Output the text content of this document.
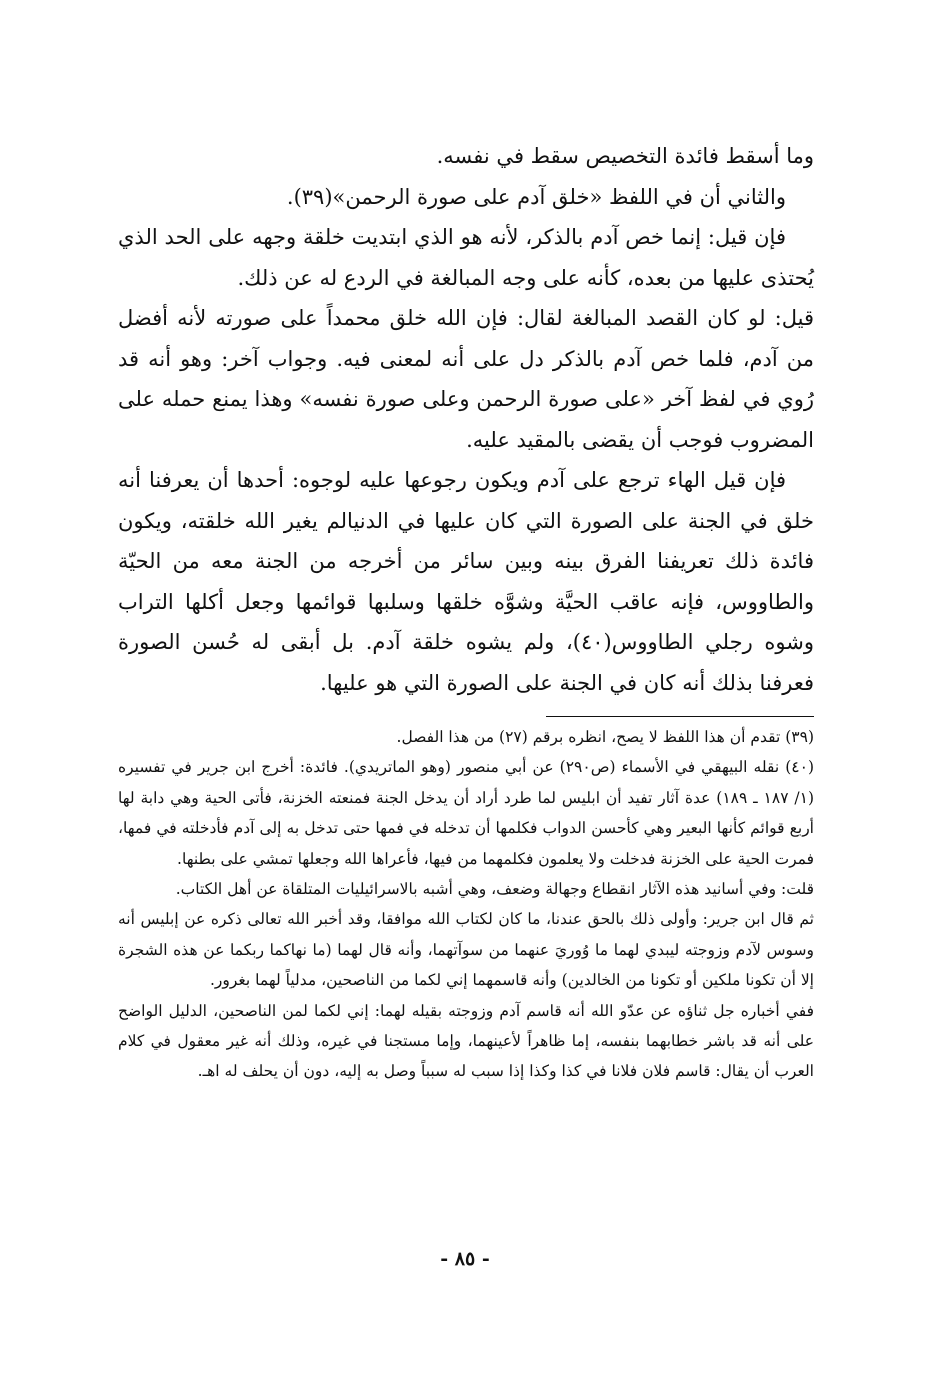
وما أسقط فائدة التخصيص سقط في نفسه.

والثاني أن في اللفظ «خلق آدم على صورة الرحمن»(٣٩).

فإن قيل: إنما خص آدم بالذكر، لأنه هو الذي ابتديت خلقة وجهه على الحد الذي يُحتذى عليها من بعده، كأنه على وجه المبالغة في الردع له عن ذلك.

قيل: لو كان القصد المبالغة لقال: فإن الله خلق محمداً على صورته لأنه أفضل من آدم، فلما خص آدم بالذكر دل على أنه لمعنى فيه. وجواب آخر: وهو أنه قد رُوي في لفظ آخر «على صورة الرحمن وعلى صورة نفسه» وهذا يمنع حمله على المضروب فوجب أن يقضى بالمقيد عليه.

فإن قيل الهاء ترجع على آدم ويكون رجوعها عليه لوجوه: أحدها أن يعرفنا أنه خلق في الجنة على الصورة التي كان عليها في الدنيالم يغير الله خلقته، ويكون فائدة ذلك تعريفنا الفرق بينه وبين سائر من أخرجه من الجنة معه من الحيّة والطاووس، فإنه عاقب الحيَّة وشوَّه خلقها وسلبها قوائمها وجعل أكلها التراب وشوه رجلي الطاووس(٤٠)، ولم يشوه خلقة آدم. بل أبقى له حُسن الصورة فعرفنا بذلك أنه كان في الجنة على الصورة التي هو عليها.

(٣٩) تقدم أن هذا اللفظ لا يصح، انظره برقم (٢٧) من هذا الفصل.

(٤٠) نقله البيهقي في الأسماء (ص٢٩٠) عن أبي منصور (وهو الماتريدي). فائدة: أخرج ابن جرير في تفسيره (١/ ١٨٧ ـ ١٨٩) عدة آثار تفيد أن ابليس لما طرد أراد أن يدخل الجنة فمنعته الخزنة، فأتى الحية وهي دابة لها أربع قوائم كأنها البعير وهي كأحسن الدواب فكلمها أن تدخله في فمها حتى تدخل به إلى آدم فأدخلته في فمها، فمرت الحية على الخزنة فدخلت ولا يعلمون فكلمهما من فيها، فأعراها الله وجعلها تمشي على بطنها.

قلت: وفي أسانيد هذه الآثار انقطاع وجهالة وضعف، وهي أشبه بالاسرائيليات المتلقاة عن أهل الكتاب.

ثم قال ابن جرير: وأولى ذلك بالحق عندنا، ما كان لكتاب الله موافقا، وقد أخبر الله تعالى ذكره عن إبليس أنه وسوس لآدم وزوجته ليبدي لهما ما وُوريَ عنهما من سوآتهما، وأنه قال لهما (ما نهاكما ربكما عن هذه الشجرة إلا أن تكونا ملكين أو تكونا من الخالدين) وأنه قاسمهما إني لكما من الناصحين، مدلياً لهما بغرور.

ففي أخباره جل ثناؤه عن عدّو الله أنه قاسم آدم وزوجته بقيله لهما: إني لكما لمن الناصحين، الدليل الواضح على أنه قد باشر خطابهما بنفسه، إما ظاهراً لأعينهما، وإما مستجنا في غيره، وذلك أنه غير معقول في كلام العرب أن يقال: قاسم فلان فلانا في كذا وكذا إذا سبب له سبباً وصل به إليه، دون أن يحلف له اهـ.

- ٨٥ -
